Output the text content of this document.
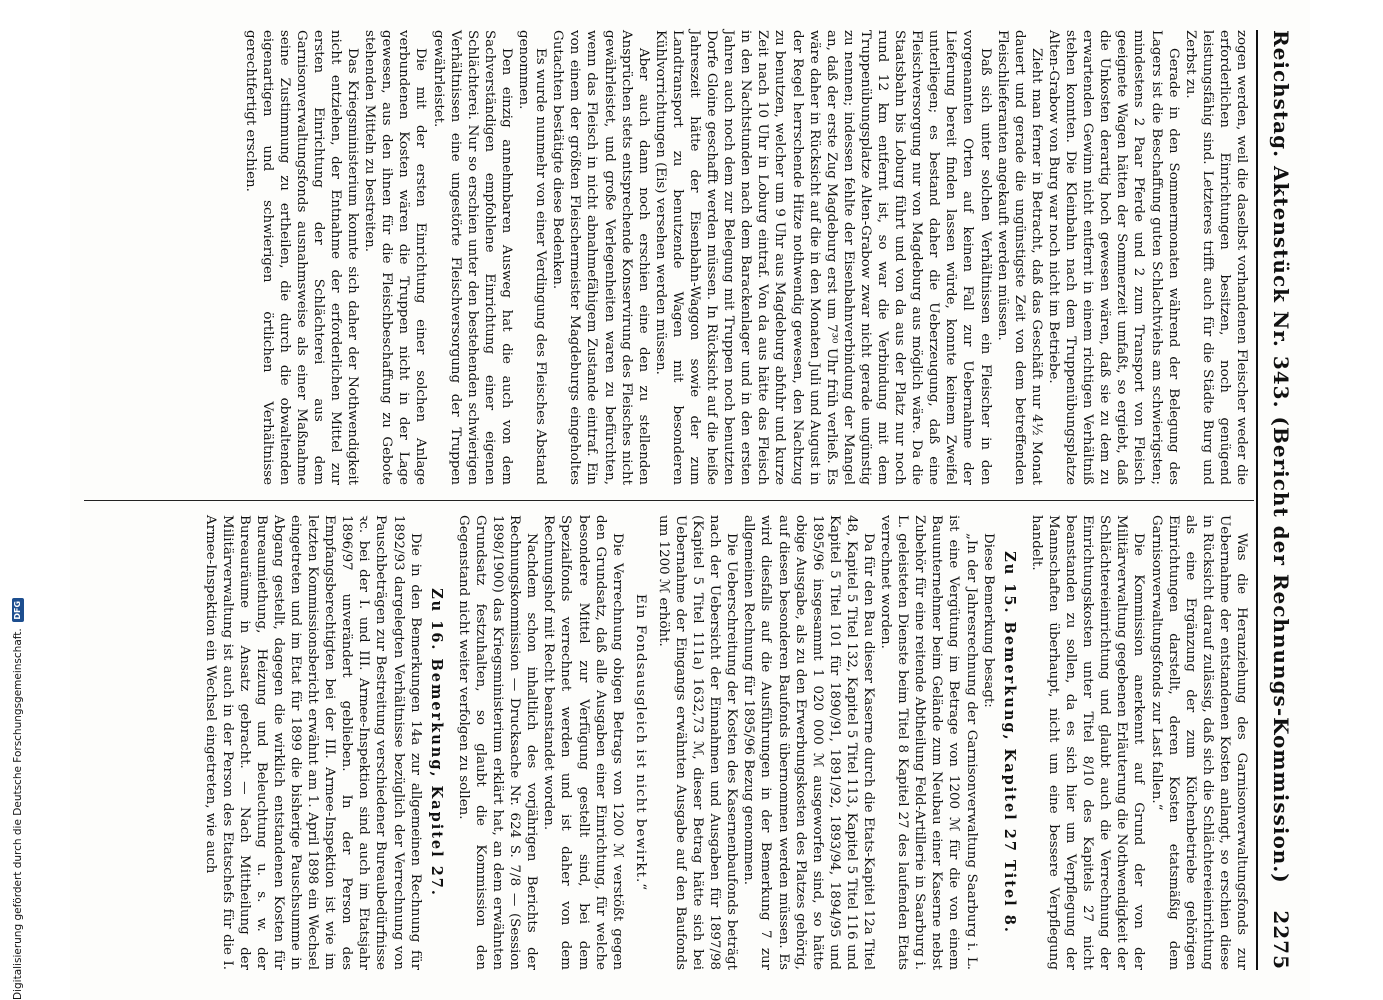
Reichstag. Aktenstück Nr. 343. (Bericht der Rechnungs-Kommission.)
2275

zogen werden, weil die daselbst vorhandenen Fleischer weder die erforderlichen Einrichtungen besitzen, noch genügend leistungsfähig sind. Letzteres trifft auch für die Städte Burg und Zerbst zu.

Gerade in den Sommermonaten während der Belegung des Lagers ist die Beschaffung guten Schlachtviehs am schwierigsten; mindestens 2 Paar Pferde und 2 zum Transport von Fleisch geeignete Wagen hätten der Sommerzeit umfaßt, so ergiebt, daß die Unkosten derartig hoch gewesen wären, daß sie zu dem zu erwartenden Gewinn nicht entfernt in einem richtigen Verhältniß stehen konnten. Die Kleinbahn nach dem Truppenübungsplatze Alten-Grabow von Burg war noch nicht im Betriebe.

Zieht man ferner in Betracht, daß das Geschäft nur 4½ Monat dauert und gerade die ungünstigste Zeit von dem betreffenden Fleischlieferanten angekauft werden müssen.

Daß sich unter solchen Verhältnissen ein Fleischer in den vorgenannten Orten auf keinen Fall zur Uebernahme der Lieferung bereit finden lassen würde, konnte keinem Zweifel unterliegen; es bestand daher die Ueberzeugung, daß eine Fleischversorgung nur von Magdeburg aus möglich wäre. Da die Staatsbahn bis Loburg führt und von da aus der Platz nur noch rund 12 km entfernt ist, so war die Verbindung mit dem Truppenübungsplatze Alten-Grabow zwar nicht gerade ungünstig zu nennen; indessen fehlte der Eisenbahnverbindung der Mangel an, daß der erste Zug Magdeburg erst um 7³⁰ Uhr früh verließ. Es wäre daher in Rücksicht auf die in den Monaten Juli und August in der Regel herrschende Hitze nothwendig gewesen, den Nachtzug zu benutzen, welcher um 9 Uhr aus Magdeburg abfuhr und kurze Zeit nach 10 Uhr in Loburg eintraf. Von da aus hätte das Fleisch in den Nachtstunden nach dem Barackenlager und in den ersten Jahren auch noch dem zur Belegung mit Truppen noch benutzten Dorfe Gloine geschafft werden müssen. In Rücksicht auf die heiße Jahreszeit hätte der Eisenbahn-Waggon sowie der zum Landtransport zu benutzende Wagen mit besonderen Kühlvorrichtungen (Eis) versehen werden müssen.

Aber auch dann noch erschien eine den zu stellenden Ansprüchen stets entsprechende Konservirung des Fleisches nicht gewährleistet, und große Verlegenheiten waren zu befürchten, wenn das Fleisch in nicht abnahmefähigem Zustande eintraf. Ein von einem der größten Fleischermeister Magdeburgs eingeholtes Gutachten bestätigte diese Bedenken.

Es wurde nunmehr von einer Verdingung des Fleisches Abstand genommen.

Den einzig annehmbaren Ausweg hat die auch von dem Sachverständigen empfohlene Einrichtung einer eigenen Schlächterei. Nur so erschien unter den bestehenden schwierigen Verhältnissen eine ungestörte Fleischversorgung der Truppen gewährleistet.

Die mit der ersten Einrichtung einer solchen Anlage verbundenen Kosten wären die Truppen nicht in der Lage gewesen, aus den ihnen für die Fleischbeschaffung zu Gebote stehenden Mitteln zu bestreiten.

Das Kriegsministerium konnte sich daher der Nothwendigkeit nicht entziehen, der Entnahme der erforderlichen Mittel zur ersten Einrichtung der Schlächterei aus dem Garnisonverwaltungsfonds ausnahmsweise als einer Maßnahme seine Zustimmung zu ertheilen, die durch die obwaltenden eigenartigen und schwierigen örtlichen Verhältnisse gerechtfertigt erschien.

Was die Heranziehung des Garnisonverwaltungsfonds zur Uebernahme der entstandenen Kosten anlangt, so erschien diese in Rücksicht darauf zulässig, daß sich die Schlächtereieinrichtung als eine Ergänzung der zum Küchenbetriebe gehörigen Einrichtungen darstellt, deren Kosten etatsmäßig dem Garnisonverwaltungsfonds zur Last fallen.“

Die Kommission anerkennt auf Grund der von der Militärverwaltung gegebenen Erläuterung die Nothwendigkeit der Schlächtereieinrichtung und glaubt auch die Verrechnung der Einrichtungskosten unter Titel 8/10 des Kapitels 27 nicht beanstanden zu sollen, da es sich hier um Verpflegung der Mannschaften überhaupt, nicht um eine bessere Verpflegung handelt.

Zu 15. Bemerkung, Kapitel 27 Titel 8.

Diese Bemerkung besagt:

„In der Jahresrechnung der Garnisonverwaltung Saarburg i. L. ist eine Vergütung im Betrage von 1200 ℳ für die von einem Bauunternehmer beim Gelände zum Neubau einer Kaserne nebst Zubehör für eine reitende Abtheilung Feld-Artillerie in Saarburg i. L. geleisteten Dienste beim Titel 8 Kapitel 27 des laufenden Etats verrechnet worden.

Da für den Bau dieser Kaserne durch die Etats-Kapitel 12a Titel 48, Kapitel 5 Titel 132, Kapitel 5 Titel 113, Kapitel 5 Titel 116 und Kapitel 5 Titel 101 für 1890/91, 1891/92, 1893/94, 1894/95 und 1895/96 insgesammt 1 020 000 ℳ ausgeworfen sind, so hätte obige Ausgabe, als zu den Erwerbungskosten des Platzes gehörig, auf diesen besonderen Baufonds übernommen werden müssen. Es wird diesfalls auf die Ausführungen in der Bemerkung 7 zur allgemeinen Rechnung für 1895/96 Bezug genommen.

Die Ueberschreitung der Kosten des Kasernenbaufonds beträgt nach der Uebersicht der Einnahmen und Ausgaben für 1897/98 (Kapitel 5 Titel 111a) 1632,73 ℳ, dieser Betrag hätte sich bei Uebernahme der Eingangs erwähnten Ausgabe auf den Baufonds um 1200 ℳ erhöht.

Ein Fondsausgleich ist nicht bewirkt.“

Die Verrechnung obigen Betrags von 1200 ℳ verstößt gegen den Grundsatz, daß alle Ausgaben einer Einrichtung, für welche besondere Mittel zur Verfügung gestellt sind, bei dem Spezialfonds verrechnet werden und ist daher von dem Rechnungshof mit Recht beanstandet worden.

Nachdem schon inhaltlich des vorjährigen Berichts der Rechnungskommission — Drucksache Nr. 624 S. 7/8 — (Session 1898/1900) das Kriegsministerium erklärt hat, an dem erwähnten Grundsatz festzuhalten, so glaubt die Kommission den Gegenstand nicht weiter verfolgen zu sollen.

Zu 16. Bemerkung, Kapitel 27.

Die in den Bemerkungen 14a zur allgemeinen Rechnung für 1892/93 dargelegten Verhältnisse bezüglich der Verrechnung von Pauschbeträgen zur Bestreitung verschiedener Bureaubedürfnisse ꝛc. bei der I. und III. Armee-Inspektion sind auch im Etatsjahr 1896/97 unverändert geblieben. In der Person des Empfangsberechtigten bei der III. Armee-Inspektion ist wie im letzten Kommissionsbericht erwähnt am 1. April 1898 ein Wechsel eingetreten und im Etat für 1899 die bisherige Pauschsumme in Abgang gestellt, dagegen die wirklich entstandenen Kosten für Bureaumiethung, Heizung und Beleuchtung u. s. w. der Bureauräume in Ansatz gebracht. — Nach Mittheilung der Militärverwaltung ist auch in der Person des Etatschefs für die I. Armee-Inspektion ein Wechsel eingetreten, wie auch

Digitalisierung gefördert durch die Deutsche Forschungsgemeinschaft.
DFG
